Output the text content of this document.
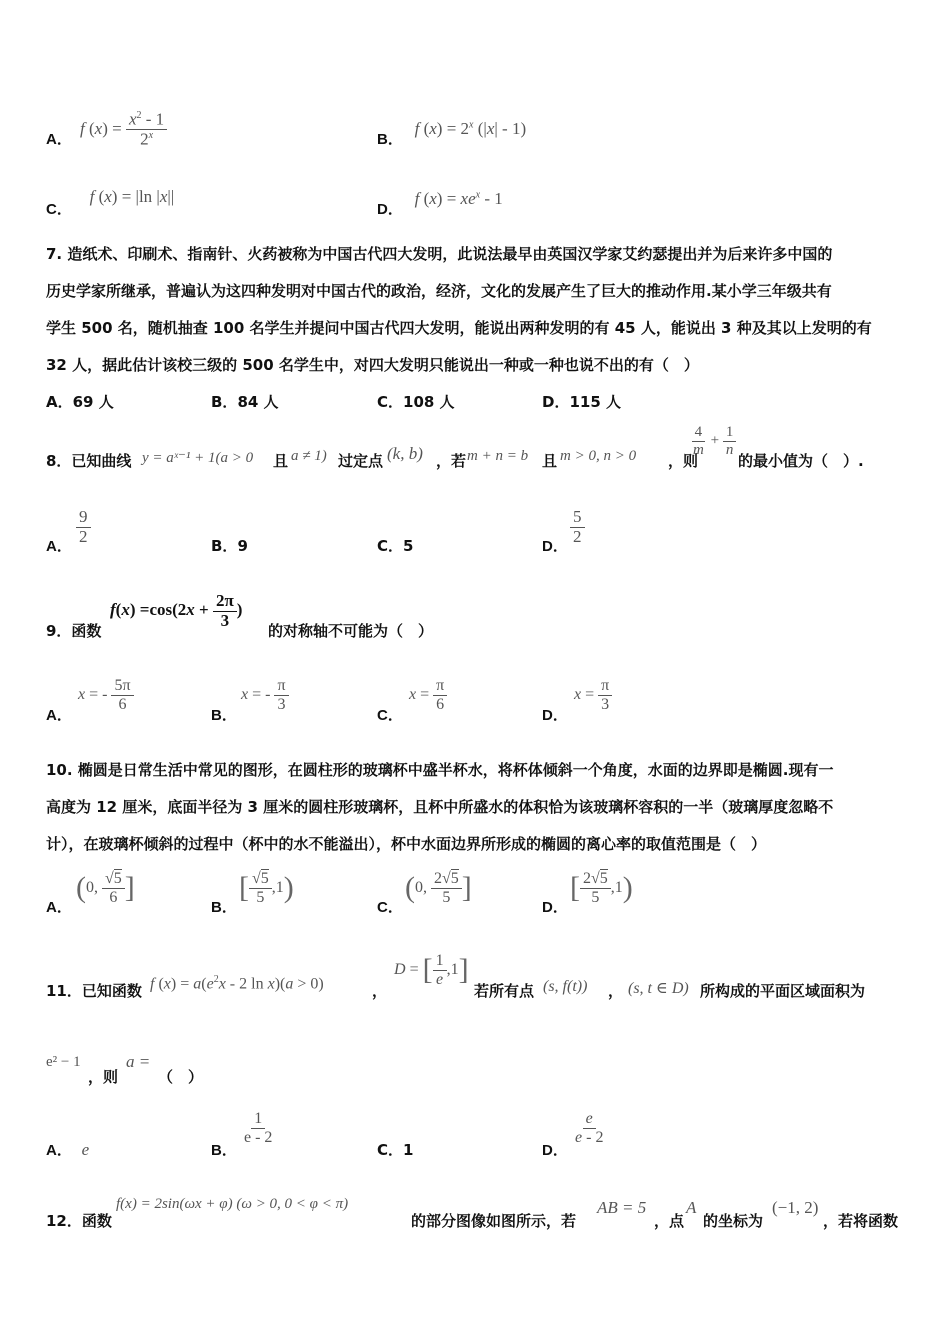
A．
f $(x) = \frac{x^2 - 1}{2^x}$	B． f $(x) = 2^x$ (|x| - 1)
C． f (x) = |ln |x||
D． f $(x) = xe^x - 1$
7. 造纸术、印刷术、指南针、火药被称为中国古代四大发明，此说法最早由英国汉学家艾约瑟提出并为后来许多中国的
历史学家所继承，普遍认为这四种发明对中国古代的政治，经济，文化的发展产生了巨大的推动作用.某小学三年级共有
学生 500 名，随机抽查 100 名学生并提问中国古代四大发明，能说出两种发明的有 45 人，能说出 3 种及其以上发明的有
32 人，据此估计该校三级的 500 名学生中，对四大发明只能说出一种或一种也说不出的有（　）
A．69 人	B．84 人	C．108 人	D．115 人
8．已知曲线 y = aˣ⁻¹ + 1(a > 0 且 a ≠ 1) 过定点 (k, b) ，若 m + n = b 且 m > 0, n > 0 ，则
$\frac{4}{m} + \frac{1}{n}$
的最小值为（　）.
A．
$\frac{9}{2}$	B．9	C．5	D．
$\frac{5}{2}$
9．函数
$f(x) =\cos(2x + \frac{2\pi}{3}$ )
的对称轴不可能为（　）
A．
x = - $\frac{5\pi}{6}$
B．
x = - $\frac{\pi}{3}$
C．
$x = \frac{\pi}{6}$
D．
$x = \frac{\pi}{3}$
10. 椭圆是日常生活中常见的图形，在圆柱形的玻璃杯中盛半杯水，将杯体倾斜一个角度，水面的边界即是椭圆.现有一
高度为 12 厘米，底面半径为 3 厘米的圆柱形玻璃杯，且杯中所盛水的体积恰为该玻璃杯容积的一半（玻璃厚度忽略不
计），在玻璃杯倾斜的过程中（杯中的水不能溢出），杯中水面边界所形成的椭圆的离心率的取值范围是（　）
A．
(0, $\frac{√5}{6}$ ]
B．
[ $\frac{√5}{5} ,1$)
C．
(0, $\frac{2√5}{5}$ ]
D．
[ $\frac{2√5}{5} ,1$)
11．已知函数 f $(x) = a(e^2x - 2$ ln x)(a > 0)	，
D = [ $\frac{1}{e} ,1$]
若所有点 (s, f(t)) ， (s, t ∈ D) 所构成的平面区域面积为
e² − 1
，则
a =
（　）
A． e	B．
$\frac{1}{e - 2}$
C．1	D．
$\frac{e}{e - 2}$
12．函数
f(x) = 2sin(ωx + φ) (ω > 0, 0 < φ < π)
的部分图像如图所示，若
AB = 5
，点
A
的坐标为
(−1, 2)
，若将函数
